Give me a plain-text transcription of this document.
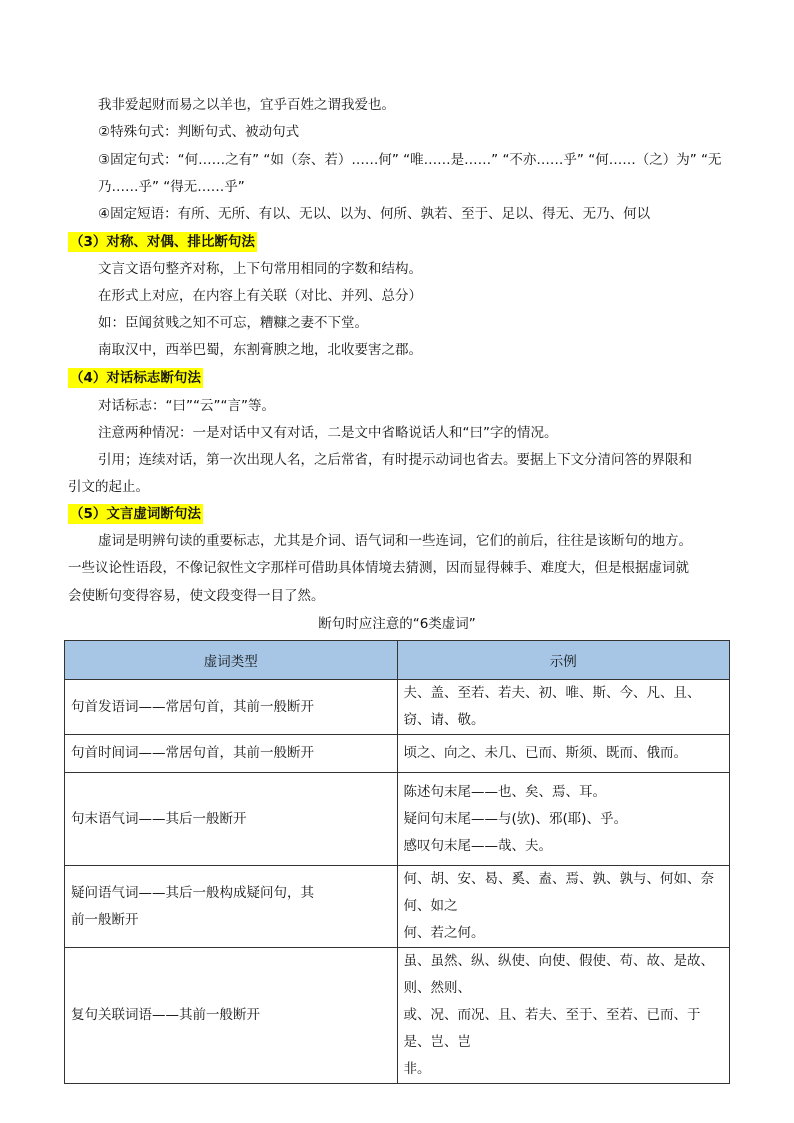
我非爱起财而易之以羊也，宜乎百姓之谓我爱也。
②特殊句式：判断句式、被动句式
③固定句式：“何……之有” “如（奈、若）……何” “唯……是……” “不亦……乎” “何……（之）为” “无
乃……乎” “得无……乎”
④固定短语：有所、无所、有以、无以、以为、何所、孰若、至于、足以、得无、无乃、何以
（3）对称、对偶、排比断句法
文言文语句整齐对称，上下句常用相同的字数和结构。
在形式上对应，在内容上有关联（对比、并列、总分）
如：臣闻贫贱之知不可忘，糟糠之妻不下堂。
南取汉中，西举巴蜀，东割膏腴之地，北收要害之郡。
（4）对话标志断句法
对话标志：“曰”“云”“言”等。
注意两种情况：一是对话中又有对话，二是文中省略说话人和“曰”字的情况。
引用；连续对话，第一次出现人名，之后常省，有时提示动词也省去。要据上下文分清问答的界限和
引文的起止。
（5）文言虚词断句法
虚词是明辨句读的重要标志，尤其是介词、语气词和一些连词，它们的前后，往往是该断句的地方。
一些议论性语段，不像记叙性文字那样可借助具体情境去猜测，因而显得棘手、难度大，但是根据虚词就
会使断句变得容易，使文段变得一目了然。
断句时应注意的“6类虚词”
虚词类型	示例

句首发语词——常居句首，其前一般断开	夫、盖、至若、若夫、初、唯、斯、今、凡、且、窃、请、敬。

句首时间词——常居句首，其前一般断开	顷之、向之、未几、已而、斯须、既而、俄而。

句末语气词——其后一般断开	陈述句末尾——也、矣、焉、耳。
疑问句末尾——与(欤)、邪(耶)、乎。
感叹句末尾——哉、夫。

疑问语气词——其后一般构成疑问句，其
前一般断开	何、胡、安、曷、奚、盍、焉、孰、孰与、何如、奈何、如之
何、若之何。

复句关联词语——其前一般断开	虽、虽然、纵、纵使、向使、假使、苟、故、是故、则、然则、
或、况、而况、且、若夫、至于、至若、已而、于是、岂、岂
非。
